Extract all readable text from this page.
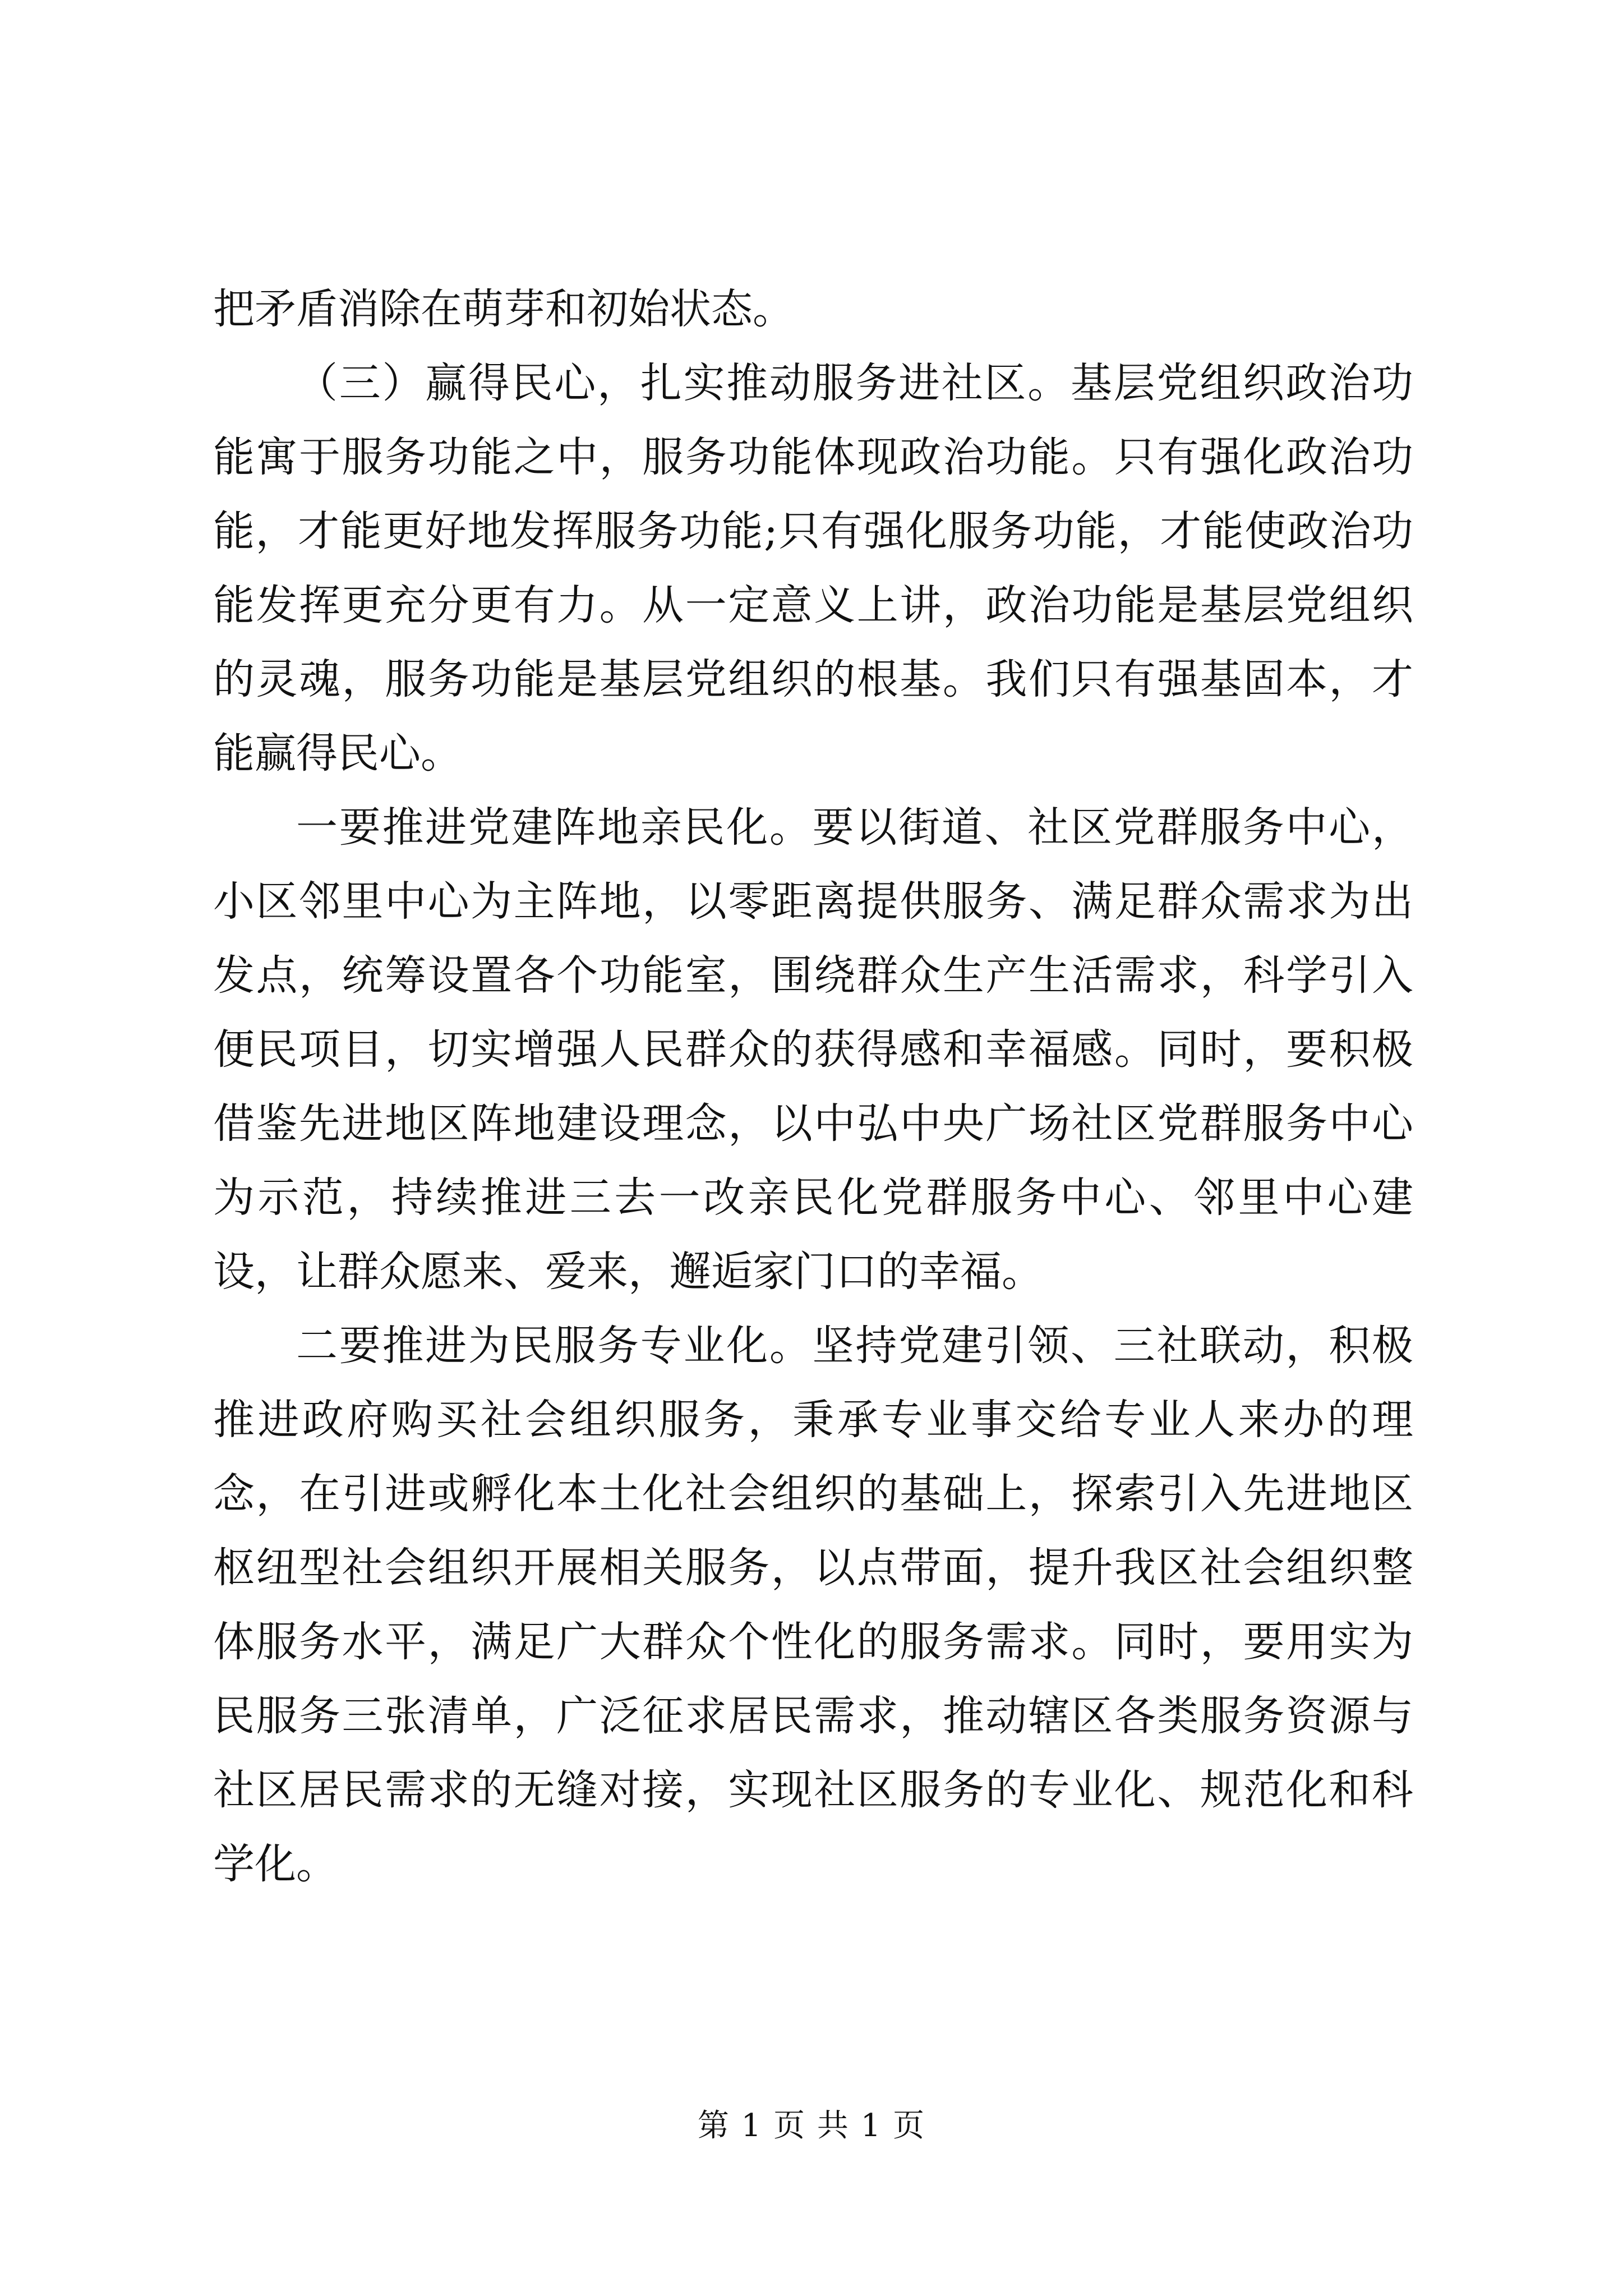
把矛盾消除在萌芽和初始状态。

（三）赢得民心，扎实推动服务进社区。基层党组织政治功能寓于服务功能之中，服务功能体现政治功能。只有强化政治功能，才能更好地发挥服务功能;只有强化服务功能，才能使政治功能发挥更充分更有力。从一定意义上讲，政治功能是基层党组织的灵魂，服务功能是基层党组织的根基。我们只有强基固本，才能赢得民心。

一要推进党建阵地亲民化。要以街道、社区党群服务中心，小区邻里中心为主阵地，以零距离提供服务、满足群众需求为出发点，统筹设置各个功能室，围绕群众生产生活需求，科学引入便民项目，切实增强人民群众的获得感和幸福感。同时，要积极借鉴先进地区阵地建设理念，以中弘中央广场社区党群服务中心为示范，持续推进三去一改亲民化党群服务中心、邻里中心建设，让群众愿来、爱来，邂逅家门口的幸福。

二要推进为民服务专业化。坚持党建引领、三社联动，积极推进政府购买社会组织服务，秉承专业事交给专业人来办的理念，在引进或孵化本土化社会组织的基础上，探索引入先进地区枢纽型社会组织开展相关服务，以点带面，提升我区社会组织整体服务水平，满足广大群众个性化的服务需求。同时，要用实为民服务三张清单，广泛征求居民需求，推动辖区各类服务资源与社区居民需求的无缝对接，实现社区服务的专业化、规范化和科学化。

第 1 页 共 1 页
